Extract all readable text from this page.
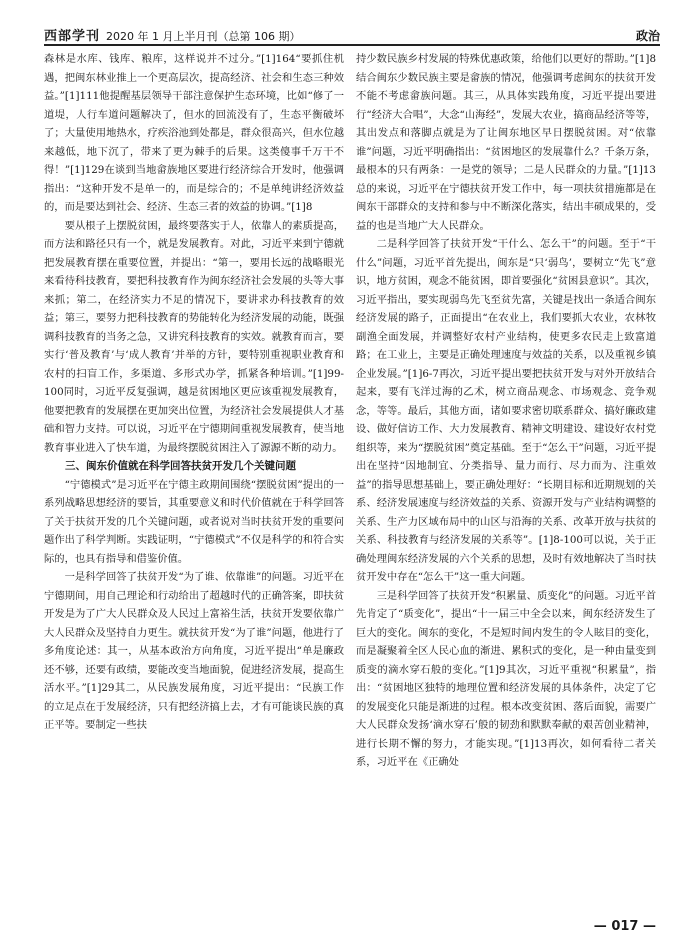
西部学刊 2020 年 1 月上半月刊（总第 106 期）	政治

森林是水库、钱库、粮库，这样说并不过分。”[1]164“要抓住机遇，把闽东林业推上一个更高层次，提高经济、社会和生态三种效益。”[1]111他提醒基层领导干部注意保护生态环境，比如“修了一道堤，人行车道问题解决了，但水的回流没有了，生态平衡破坏了；大量使用地热水，疗疾浴池到处都是，群众很高兴，但水位越来越低，地下沉了，带来了更为棘手的后果。这类傻事千万干不得！”[1]129在谈到当地畲族地区要进行经济综合开发时，他强调指出：“这种开发不是单一的，而是综合的；不是单纯讲经济效益的，而是要达到社会、经济、生态三者的效益的协调。”[1]8

要从根子上摆脱贫困，最终要落实于人，依靠人的素质提高，而方法和路径只有一个，就是发展教育。对此，习近平来到宁德就把发展教育摆在重要位置，并提出：“第一，要用长远的战略眼光来看待科技教育，要把科技教育作为闽东经济社会发展的头等大事来抓；第二，在经济实力不足的情况下，要讲求办科技教育的效益；第三，要努力把科技教育的势能转化为经济发展的动能，既强调科技教育的当务之急，又讲究科技教育的实效。就教育而言，要实行‘普及教育’与‘成人教育’并举的方针，要特别重视职业教育和农村的扫盲工作，多渠道、多形式办学，抓紧各种培训。”[1]99-100同时，习近平反复强调，越是贫困地区更应该重视发展教育，他要把教育的发展摆在更加突出位置，为经济社会发展提供人才基础和智力支持。可以说，习近平在宁德期间重视发展教育，使当地教育事业进入了快车道，为最终摆脱贫困注入了源源不断的动力。

三、闽东价值就在科学回答扶贫开发几个关键问题

“宁德模式”是习近平在宁德主政期间围绕“摆脱贫困”提出的一系列战略思想经济的要旨，其重要意义和时代价值就在于科学回答了关于扶贫开发的几个关键问题，或者说对当时扶贫开发的重要问题作出了科学判断。实践证明，“宁德模式”不仅是科学的和符合实际的，也具有指导和借鉴价值。

一是科学回答了扶贫开发“为了谁、依靠谁”的问题。习近平在宁德期间，用自己理论和行动给出了超越时代的正确答案，即扶贫开发是为了广大人民群众及人民过上富裕生活，扶贫开发要依靠广大人民群众及坚持自力更生。就扶贫开发“为了谁”问题，他进行了多角度论述：其一，从基本政治方向角度，习近平提出“单是廉政还不够，还要有政绩，要能改变当地面貌，促进经济发展，提高生活水平。”[1]29其二，从民族发展角度，习近平提出：“民族工作的立足点在于发展经济，只有把经济搞上去，才有可能谈民族的真正平等。要制定一些扶

持少数民族乡村发展的特殊优惠政策，给他们以更好的帮助。”[1]8结合闽东少数民族主要是畲族的情况，他强调考虑闽东的扶贫开发不能不考虑畲族问题。其三，从具体实践角度，习近平提出要进行“经济大合唱”，大念“山海经”，发展大农业，搞商品经济等等，其出发点和落脚点就是为了让闽东地区早日摆脱贫困。对“依靠谁”问题，习近平明确指出：“贫困地区的发展靠什么？千条万条，最根本的只有两条：一是党的领导；二是人民群众的力量。”[1]13总的来说，习近平在宁德扶贫开发工作中，每一项扶贫措施都是在闽东干部群众的支持和参与中不断深化落实，结出丰硕成果的，受益的也是当地广大人民群众。

二是科学回答了扶贫开发“干什么、怎么干”的问题。至于“干什么”问题，习近平首先提出，闽东是“只‘弱鸟’，要树立“先飞”意识，地方贫困，观念不能贫困，即首要强化“贫困县意识”。其次，习近平指出，要实现弱鸟先飞至贫先富，关键是找出一条适合闽东经济发展的路子，正面提出“在农业上，我们要抓大农业，农林牧副渔全面发展，并调整好农村产业结构，使更多农民走上致富道路；在工业上，主要是正确处理速度与效益的关系，以及重视乡镇企业发展。”[1]6-7再次，习近平提出要把扶贫开发与对外开放结合起来，要有飞洋过海的乙术，树立商品观念、市场观念、竞争观念，等等。最后，其他方面，诸如要求密切联系群众、搞好廉政建设、做好信访工作、大力发展教育、精神文明建设、建设好农村党组织等，来为“摆脱贫困”奠定基础。至于“怎么干”问题，习近平提出在坚持“因地制宜、分类指导、量力而行、尽力而为、注重效益”的指导思想基础上，要正确处理好：“长期目标和近期规划的关系、经济发展速度与经济效益的关系、资源开发与产业结构调整的关系、生产力区域布局中的山区与沿海的关系、改革开放与扶贫的关系、科技教育与经济发展的关系等”。[1]8-100可以说，关于正确处理闽东经济发展的六个关系的思想，及时有效地解决了当时扶贫开发中存在“怎么干”这一重大问题。

三是科学回答了扶贫开发“积累量、质变化”的问题。习近平首先肯定了“质变化”，提出“十一届三中全会以来，闽东经济发生了巨大的变化。闽东的变化，不是短时间内发生的令人眩目的变化，而是凝聚着全区人民心血的渐进、累积式的变化，是一种由量变到质变的滴水穿石般的变化。”[1]9其次，习近平重视“积累量”，指出：“贫困地区独特的地理位置和经济发展的具体条件，决定了它的发展变化只能是渐进的过程。根本改变贫困、落后面貌，需要广大人民群众发扬‘滴水穿石’般的韧劲和默默奉献的艰苦创业精神，进行长期不懈的努力，才能实现。”[1]13再次，如何看待二者关系，习近平在《正确处

— 017 —
